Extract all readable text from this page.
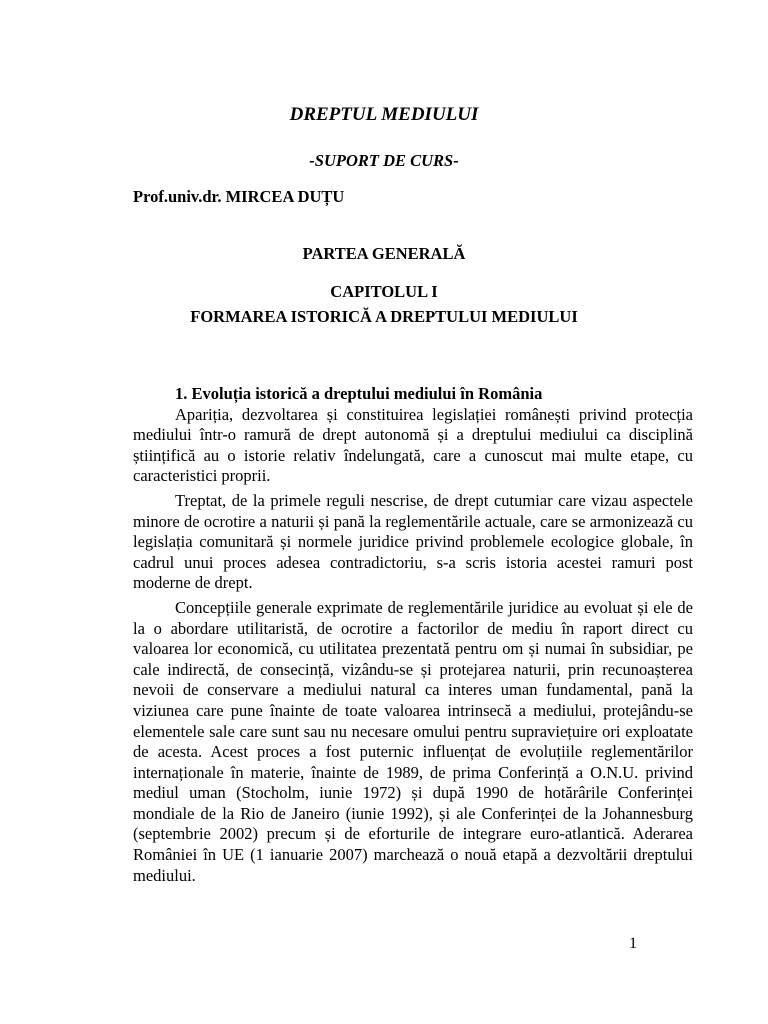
DREPTUL MEDIULUI
-SUPORT DE CURS-
Prof.univ.dr. MIRCEA DUȚU
PARTEA GENERALĂ
CAPITOLUL I
FORMAREA ISTORICĂ A DREPTULUI MEDIULUI

1. Evoluția istorică a dreptului mediului în România

Apariția, dezvoltarea și constituirea legislației românești privind protecția mediului într-o ramură de drept autonomă și a dreptului mediului ca disciplină științifică au o istorie relativ îndelungată, care a cunoscut mai multe etape, cu caracteristici proprii.

Treptat, de la primele reguli nescrise, de drept cutumiar care vizau aspectele minore de ocrotire a naturii și pană la reglementările actuale, care se armonizează cu legislația comunitară și normele juridice privind problemele ecologice globale, în cadrul unui proces adesea contradictoriu, s-a scris istoria acestei ramuri post moderne de drept.

Concepțiile generale exprimate de reglementările juridice au evoluat și ele de la o abordare utilitaristă, de ocrotire a factorilor de mediu în raport direct cu valoarea lor economică, cu utilitatea prezentată pentru om și numai în subsidiar, pe cale indirectă, de consecință, vizându-se și protejarea naturii, prin recunoașterea nevoii de conservare a mediului natural ca interes uman fundamental, pană la viziunea care pune înainte de toate valoarea intrinsecă a mediului, protejându-se elementele sale care sunt sau nu necesare omului pentru supraviețuire ori exploatate de acesta. Acest proces a fost puternic influențat de evoluțiile reglementărilor internaționale în materie, înainte de 1989, de prima Conferință a O.N.U. privind mediul uman (Stocholm, iunie 1972) și după 1990 de hotărârile Conferinței mondiale de la Rio de Janeiro (iunie 1992), și ale Conferinței de la Johannesburg (septembrie 2002) precum și de eforturile de integrare euro-atlantică. Aderarea României în UE (1 ianuarie 2007) marchează o nouă etapă a dezvoltării dreptului mediului.

1
